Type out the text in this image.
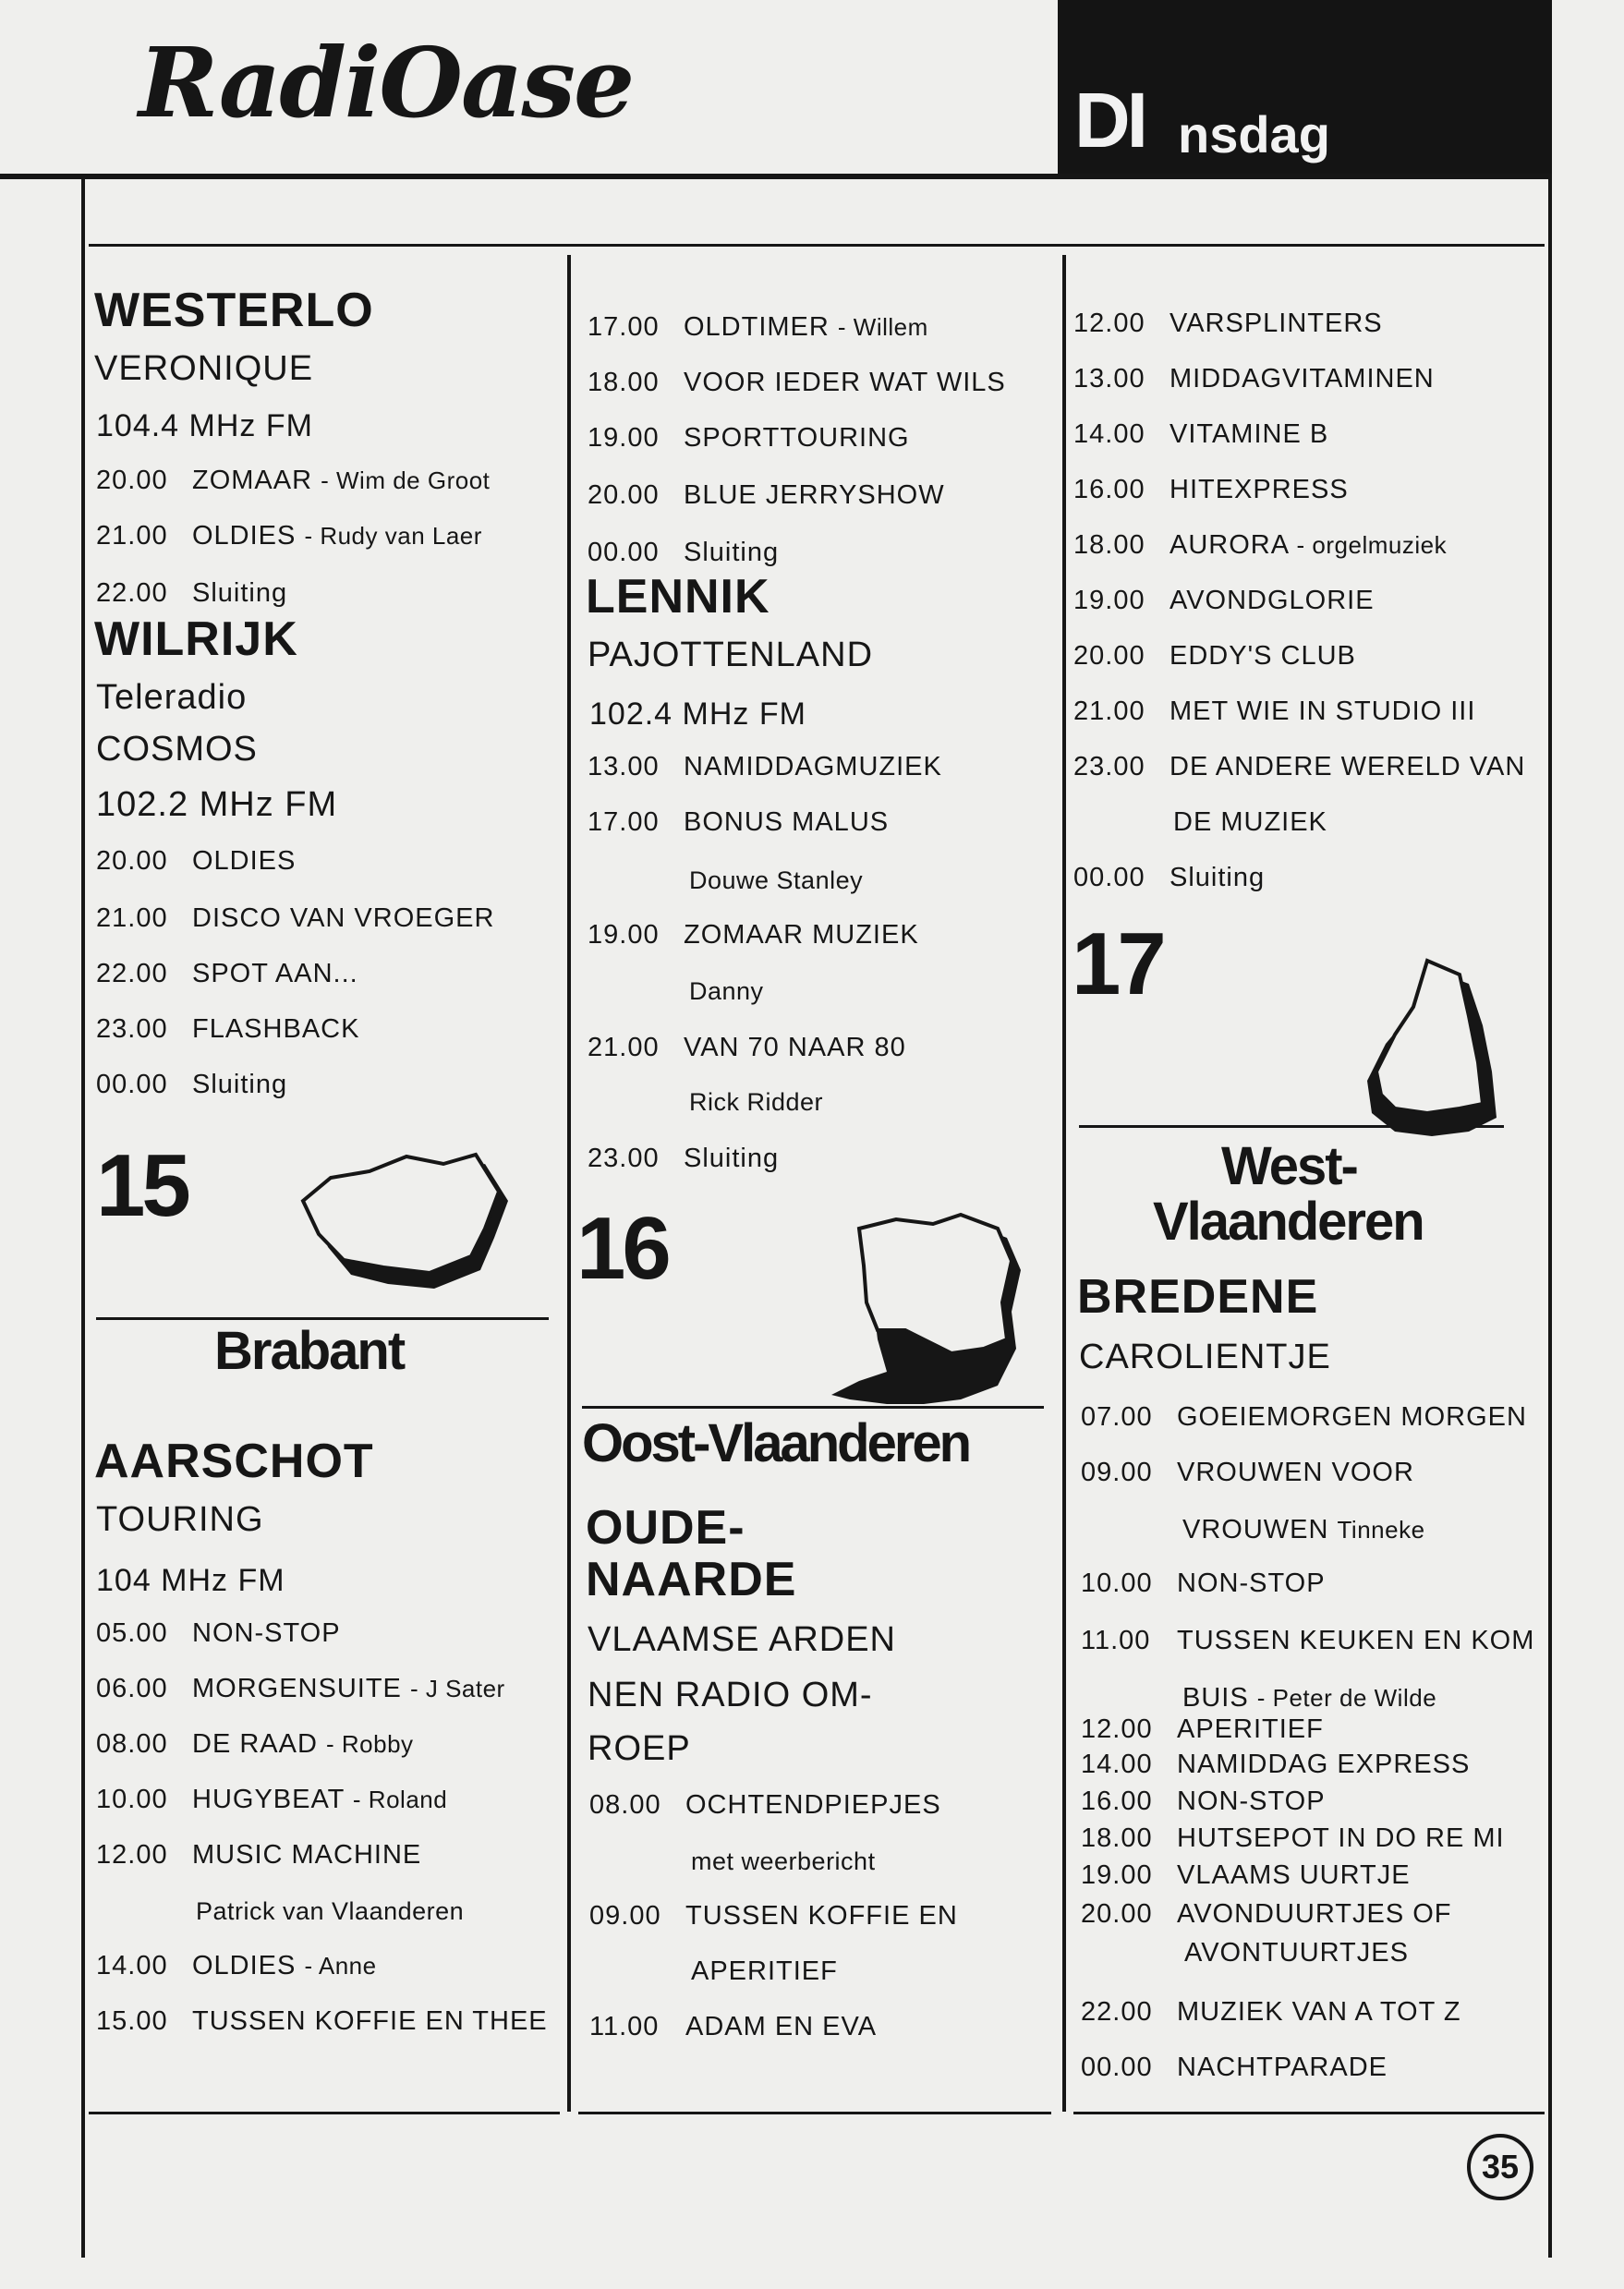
RadiOase	DI nsdag
WESTERLO
VERONIQUE
104.4 MHz FM
20.00 ZOMAAR - Wim de Groot
21.00 OLDIES - Rudy van Laer
22.00 Sluiting
WILRIJK
Teleradio
COSMOS
102.2 MHz FM
20.00 OLDIES
21.00 DISCO VAN VROEGER
22.00 SPOT AAN...
23.00 FLASHBACK
00.00 Sluiting
15
Brabant
AARSCHOT
TOURING
104 MHz FM
05.00 NON-STOP
06.00 MORGENSUITE - J Sater
08.00 DE RAAD - Robby
10.00 HUGYBEAT - Roland
12.00 MUSIC MACHINE
Patrick van Vlaanderen
14.00 OLDIES - Anne
15.00 TUSSEN KOFFIE EN THEE
17.00 OLDTIMER - Willem
18.00 VOOR IEDER WAT WILS
19.00 SPORTTOURING
20.00 BLUE JERRYSHOW
00.00 Sluiting
LENNIK
PAJOTTENLAND
102.4 MHz FM
13.00 NAMIDDAGMUZIEK
17.00 BONUS MALUS
Douwe Stanley
19.00 ZOMAAR MUZIEK
Danny
21.00 VAN 70 NAAR 80
Rick Ridder
23.00 Sluiting
16
Oost-Vlaanderen
OUDE-
NAARDE
VLAAMSE ARDEN
NEN RADIO OM-
ROEP
08.00 OCHTENDPIEPJES
met weerbericht
09.00 TUSSEN KOFFIE EN
APERITIEF
11.00 ADAM EN EVA
12.00 VARSPLINTERS
13.00 MIDDAGVITAMINEN
14.00 VITAMINE B
16.00 HITEXPRESS
18.00 AURORA - orgelmuziek
19.00 AVONDGLORIE
20.00 EDDY'S CLUB
21.00 MET WIE IN STUDIO III
23.00 DE ANDERE WERELD VAN
DE MUZIEK
00.00 Sluiting
17
West-
Vlaanderen
BREDENE
CAROLIENTJE
07.00 GOEIEMORGEN MORGEN
09.00 VROUWEN VOOR
VROUWEN Tinneke
10.00 NON-STOP
11.00 TUSSEN KEUKEN EN KOM
BUIS - Peter de Wilde
12.00 APERITIEF
14.00 NAMIDDAG EXPRESS
16.00 NON-STOP
18.00 HUTSEPOT IN DO RE MI
19.00 VLAAMS UURTJE
20.00 AVONDUURTJES OF
AVONTUURTJES
22.00 MUZIEK VAN A TOT Z
00.00 NACHTPARADE
35
